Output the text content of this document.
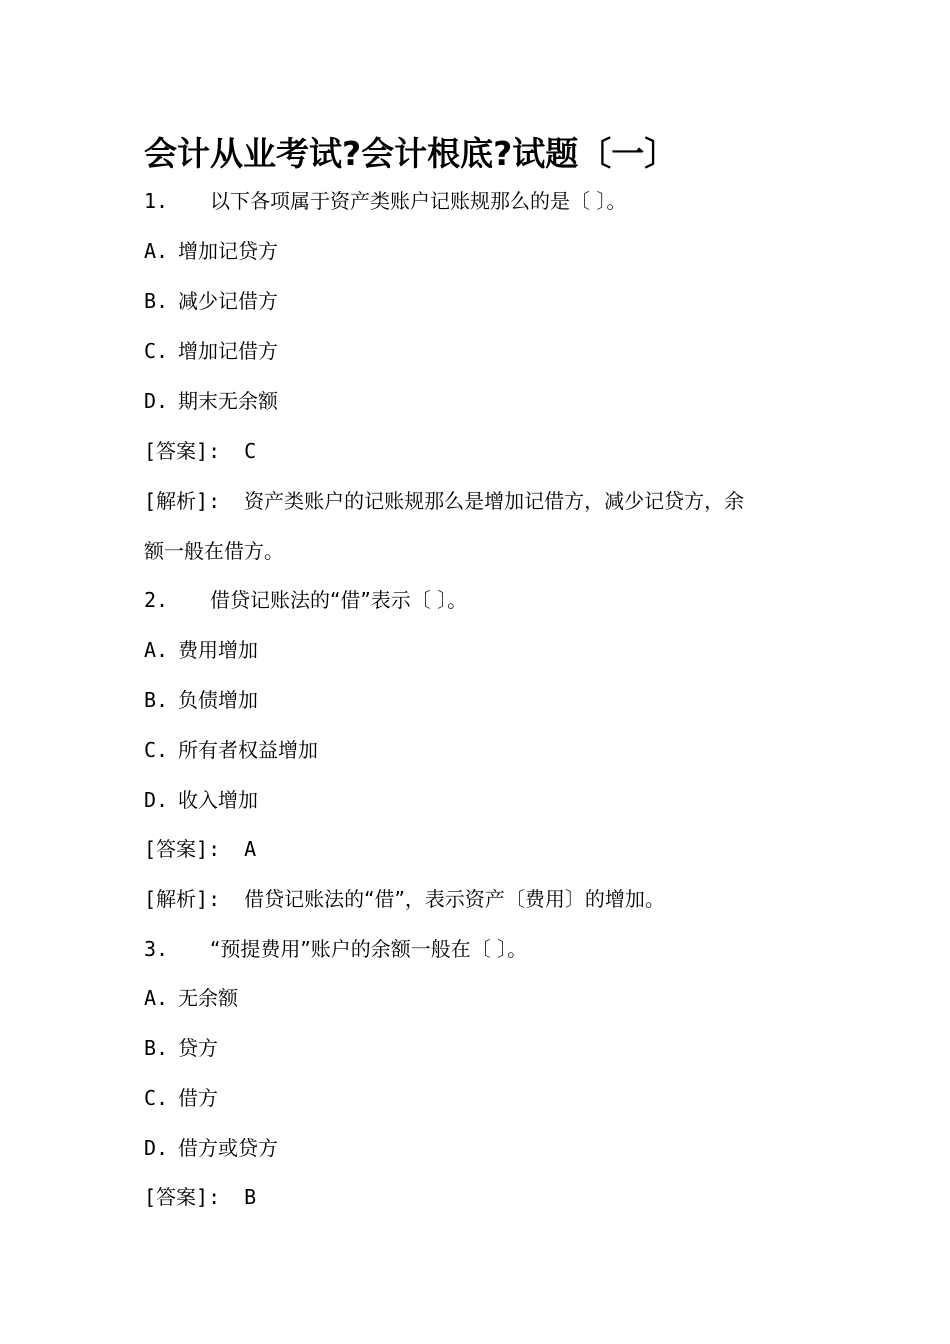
会计从业考试?会计根底?试题〔一〕
1. 以下各项属于资产类账户记账规那么的是〔 〕。
A. 增加记贷方
B. 减少记借方
C. 增加记借方
D. 期末无余额
[答案]: C
[解析]: 资产类账户的记账规那么是增加记借方，减少记贷方，余
额一般在借方。
2. 借贷记账法的“借”表示〔 〕。
A. 费用增加
B. 负债增加
C. 所有者权益增加
D. 收入增加
[答案]: A
[解析]: 借贷记账法的“借”，表示资产〔费用〕的增加。
3. “预提费用”账户的余额一般在〔 〕。
A. 无余额
B. 贷方
C. 借方
D. 借方或贷方
[答案]: B
